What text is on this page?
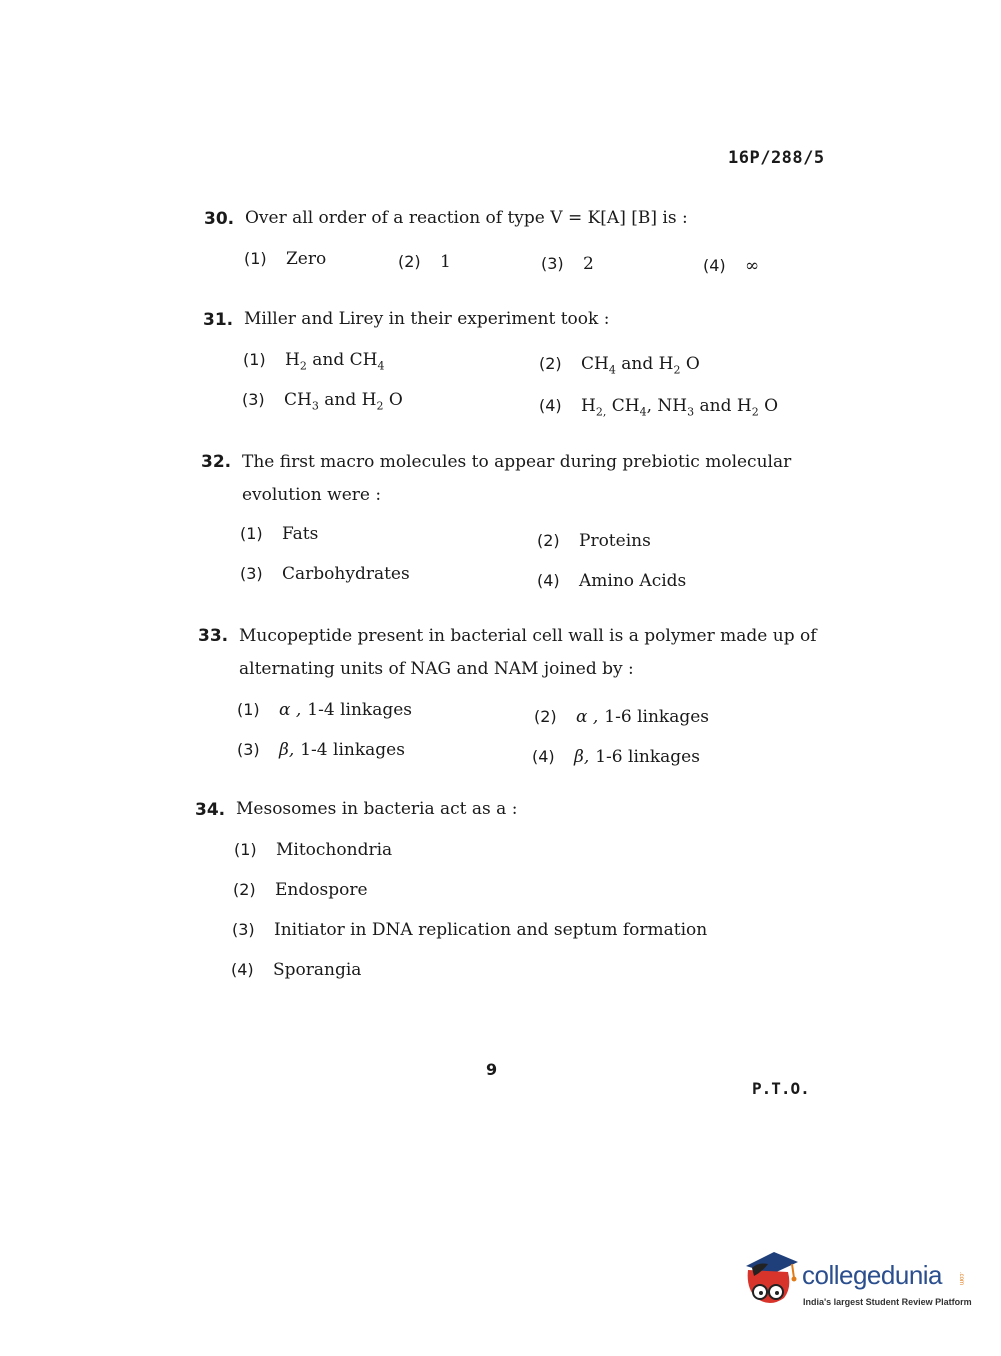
16P/288/5
30. Over all order of a reaction of type V = K[A] [B] is :
(1) Zero	(2) 1	(3) 2	(4) ∞
31. Miller and Lirey in their experiment took :
(1) $H_2$ and $CH_4$	(2) $CH_4$ and $H_2$ O
(3) $CH_3$ and $H_2$ O	(4) $H_{2,}$ $CH_4$, $NH_3$ and $H_2$ O
32. The first macro molecules to appear during prebiotic molecular evolution were :
(1) Fats	(2) Proteins
(3) Carbohydrates	(4) Amino Acids
33. Mucopeptide present in bacterial cell wall is a polymer made up of alternating units of NAG and NAM joined by :
(1) α , 1-4 linkages	(2) α , 1-6 linkages
(3) β, 1-4 linkages	(4) β, 1-6 linkages
34. Mesosomes in bacteria act as a :
(1) Mitochondria
(2) Endospore
(3) Initiator in DNA replication and septum formation
(4) Sporangia
9
P.T.O.
collegedunia	.com
India's largest Student Review Platform
